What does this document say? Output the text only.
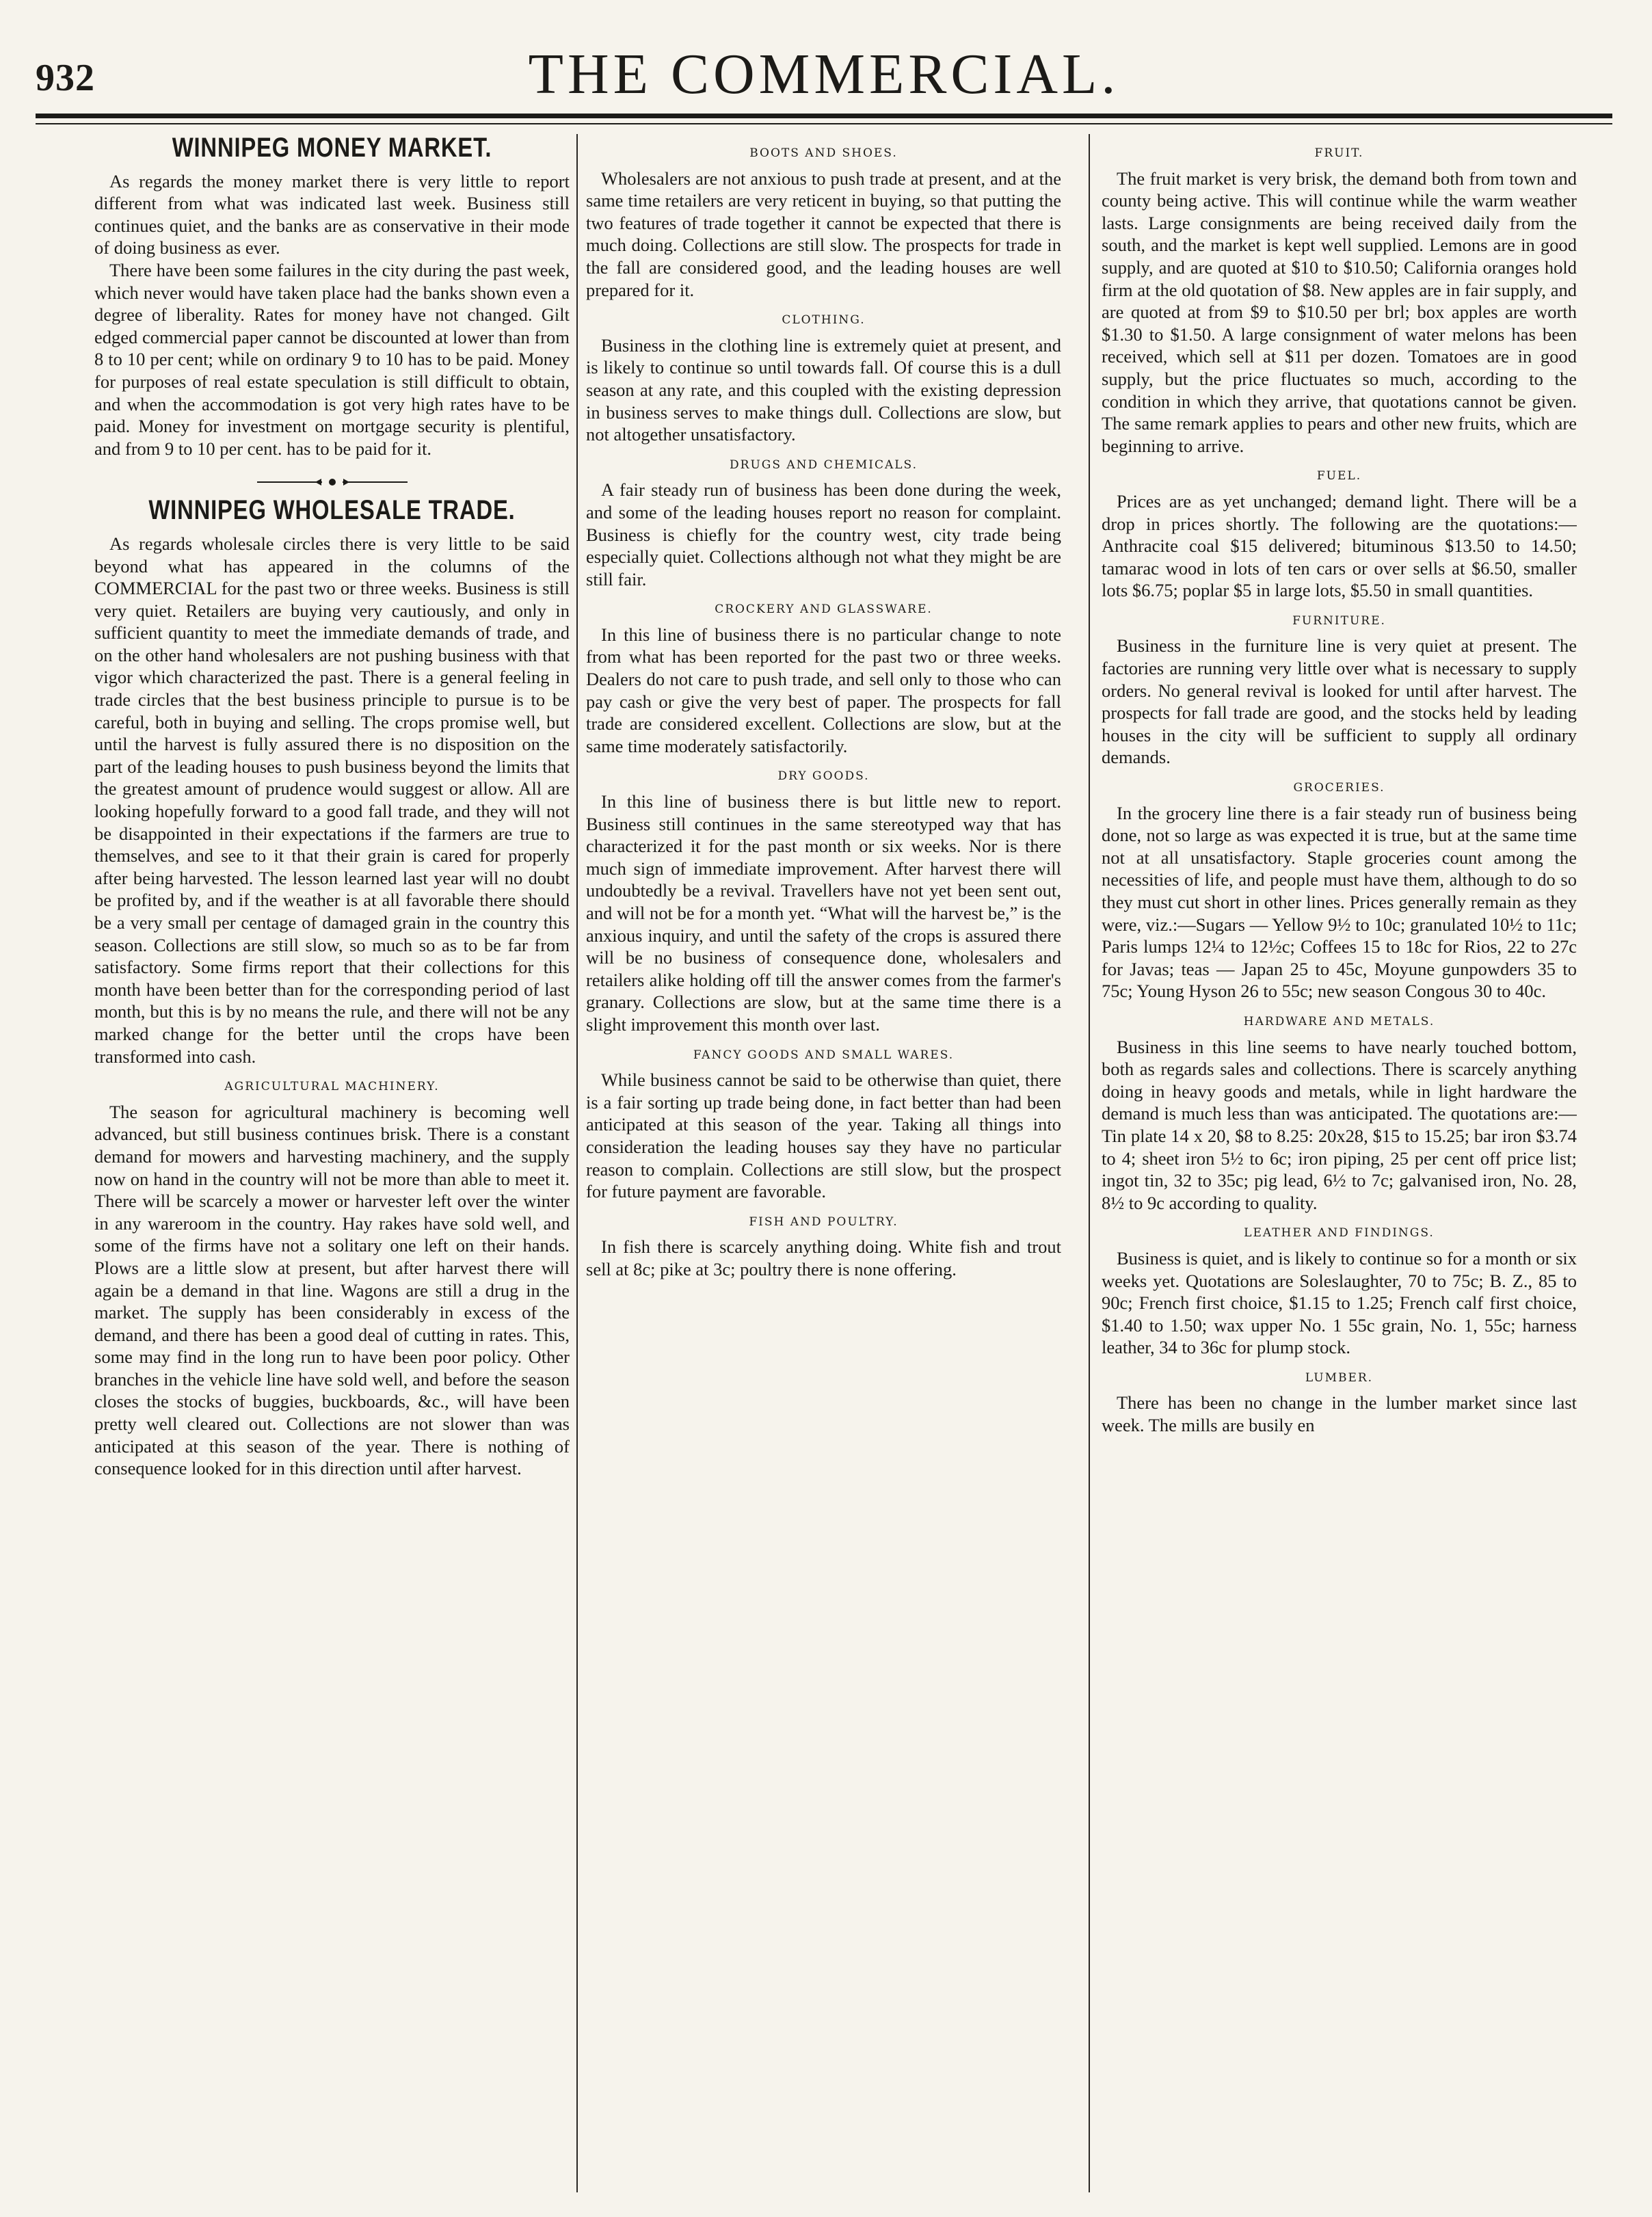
932	THE COMMERCIAL.
WINNIPEG MONEY MARKET.

As regards the money market there is very little to report different from what was indicated last week. Business still continues quiet, and the banks are as conservative in their mode of doing business as ever.

There have been some failures in the city during the past week, which never would have taken place had the banks shown even a degree of liberality. Rates for money have not changed. Gilt edged commercial paper cannot be discounted at lower than from 8 to 10 per cent; while on ordinary 9 to 10 has to be paid. Money for purposes of real estate speculation is still difficult to obtain, and when the accommodation is got very high rates have to be paid. Money for investment on mortgage security is plentiful, and from 9 to 10 per cent. has to be paid for it.

WINNIPEG WHOLESALE TRADE.

As regards wholesale circles there is very little to be said beyond what has appeared in the columns of the COMMERCIAL for the past two or three weeks. Business is still very quiet. Retailers are buying very cautiously, and only in sufficient quantity to meet the immediate demands of trade, and on the other hand wholesalers are not pushing business with that vigor which characterized the past. There is a general feeling in trade circles that the best business principle to pursue is to be careful, both in buying and selling. The crops promise well, but until the harvest is fully assured there is no disposition on the part of the leading houses to push business beyond the limits that the greatest amount of prudence would suggest or allow. All are looking hopefully forward to a good fall trade, and they will not be disappointed in their expectations if the farmers are true to themselves, and see to it that their grain is cared for properly after being harvested. The lesson learned last year will no doubt be profited by, and if the weather is at all favorable there should be a very small per centage of damaged grain in the country this season. Collections are still slow, so much so as to be far from satisfactory. Some firms report that their collections for this month have been better than for the corresponding period of last month, but this is by no means the rule, and there will not be any marked change for the better until the crops have been transformed into cash.

AGRICULTURAL MACHINERY.

The season for agricultural machinery is becoming well advanced, but still business continues brisk. There is a constant demand for mowers and harvesting machinery, and the supply now on hand in the country will not be more than able to meet it. There will be scarcely a mower or harvester left over the winter in any wareroom in the country. Hay rakes have sold well, and some of the firms have not a solitary one left on their hands. Plows are a little slow at present, but after harvest there will again be a demand in that line. Wagons are still a drug in the market. The supply has been considerably in excess of the demand, and there has been a good deal of cutting in rates. This, some may find in the long run to have been poor policy. Other branches in the vehicle line have sold well, and before the season closes the stocks of buggies, buckboards, &c., will have been pretty well cleared out. Collections are not slower than was anticipated at this season of the year. There is nothing of consequence looked for in this direction until after harvest.

BOOTS AND SHOES.

Wholesalers are not anxious to push trade at present, and at the same time retailers are very reticent in buying, so that putting the two features of trade together it cannot be expected that there is much doing. Collections are still slow. The prospects for trade in the fall are considered good, and the leading houses are well prepared for it.

CLOTHING.

Business in the clothing line is extremely quiet at present, and is likely to continue so until towards fall. Of course this is a dull season at any rate, and this coupled with the existing depression in business serves to make things dull. Collections are slow, but not altogether unsatisfactory.

DRUGS AND CHEMICALS.

A fair steady run of business has been done during the week, and some of the leading houses report no reason for complaint. Business is chiefly for the country west, city trade being especially quiet. Collections although not what they might be are still fair.

CROCKERY AND GLASSWARE.

In this line of business there is no particular change to note from what has been reported for the past two or three weeks. Dealers do not care to push trade, and sell only to those who can pay cash or give the very best of paper. The prospects for fall trade are considered excellent. Collections are slow, but at the same time moderately satisfactorily.

DRY GOODS.

In this line of business there is but little new to report. Business still continues in the same stereotyped way that has characterized it for the past month or six weeks. Nor is there much sign of immediate improvement. After harvest there will undoubtedly be a revival. Travellers have not yet been sent out, and will not be for a month yet. “What will the harvest be,” is the anxious inquiry, and until the safety of the crops is assured there will be no business of consequence done, wholesalers and retailers alike holding off till the answer comes from the farmer's granary. Collections are slow, but at the same time there is a slight improvement this month over last.

FANCY GOODS AND SMALL WARES.

While business cannot be said to be otherwise than quiet, there is a fair sorting up trade being done, in fact better than had been anticipated at this season of the year. Taking all things into consideration the leading houses say they have no particular reason to complain. Collections are still slow, but the prospect for future payment are favorable.

FISH AND POULTRY.

In fish there is scarcely anything doing. White fish and trout sell at 8c; pike at 3c; poultry there is none offering.

FRUIT.

The fruit market is very brisk, the demand both from town and county being active. This will continue while the warm weather lasts. Large consignments are being received daily from the south, and the market is kept well supplied. Lemons are in good supply, and are quoted at $10 to $10.50; California oranges hold firm at the old quotation of $8. New apples are in fair supply, and are quoted at from $9 to $10.50 per brl; box apples are worth $1.30 to $1.50. A large consignment of water melons has been received, which sell at $11 per dozen. Tomatoes are in good supply, but the price fluctuates so much, according to the condition in which they arrive, that quotations cannot be given. The same remark applies to pears and other new fruits, which are beginning to arrive.

FUEL.

Prices are as yet unchanged; demand light. There will be a drop in prices shortly. The following are the quotations:—Anthracite coal $15 delivered; bituminous $13.50 to 14.50; tamarac wood in lots of ten cars or over sells at $6.50, smaller lots $6.75; poplar $5 in large lots, $5.50 in small quantities.

FURNITURE.

Business in the furniture line is very quiet at present. The factories are running very little over what is necessary to supply orders. No general revival is looked for until after harvest. The prospects for fall trade are good, and the stocks held by leading houses in the city will be sufficient to supply all ordinary demands.

GROCERIES.

In the grocery line there is a fair steady run of business being done, not so large as was expected it is true, but at the same time not at all unsatisfactory. Staple groceries count among the necessities of life, and people must have them, although to do so they must cut short in other lines. Prices generally remain as they were, viz.:—Sugars — Yellow 9½ to 10c; granulated 10½ to 11c; Paris lumps 12¼ to 12½c; Coffees 15 to 18c for Rios, 22 to 27c for Javas; teas — Japan 25 to 45c, Moyune gunpowders 35 to 75c; Young Hyson 26 to 55c; new season Congous 30 to 40c.

HARDWARE AND METALS.

Business in this line seems to have nearly touched bottom, both as regards sales and collections. There is scarcely anything doing in heavy goods and metals, while in light hardware the demand is much less than was anticipated. The quotations are:—Tin plate 14 x 20, $8 to 8.25: 20x28, $15 to 15.25; bar iron $3.74 to 4; sheet iron 5½ to 6c; iron piping, 25 per cent off price list; ingot tin, 32 to 35c; pig lead, 6½ to 7c; galvanised iron, No. 28, 8½ to 9c according to quality.

LEATHER AND FINDINGS.

Business is quiet, and is likely to continue so for a month or six weeks yet. Quotations are Soleslaughter, 70 to 75c; B. Z., 85 to 90c; French first choice, $1.15 to 1.25; French calf first choice, $1.40 to 1.50; wax upper No. 1 55c grain, No. 1, 55c; harness leather, 34 to 36c for plump stock.

LUMBER.

There has been no change in the lumber market since last week. The mills are busily en
